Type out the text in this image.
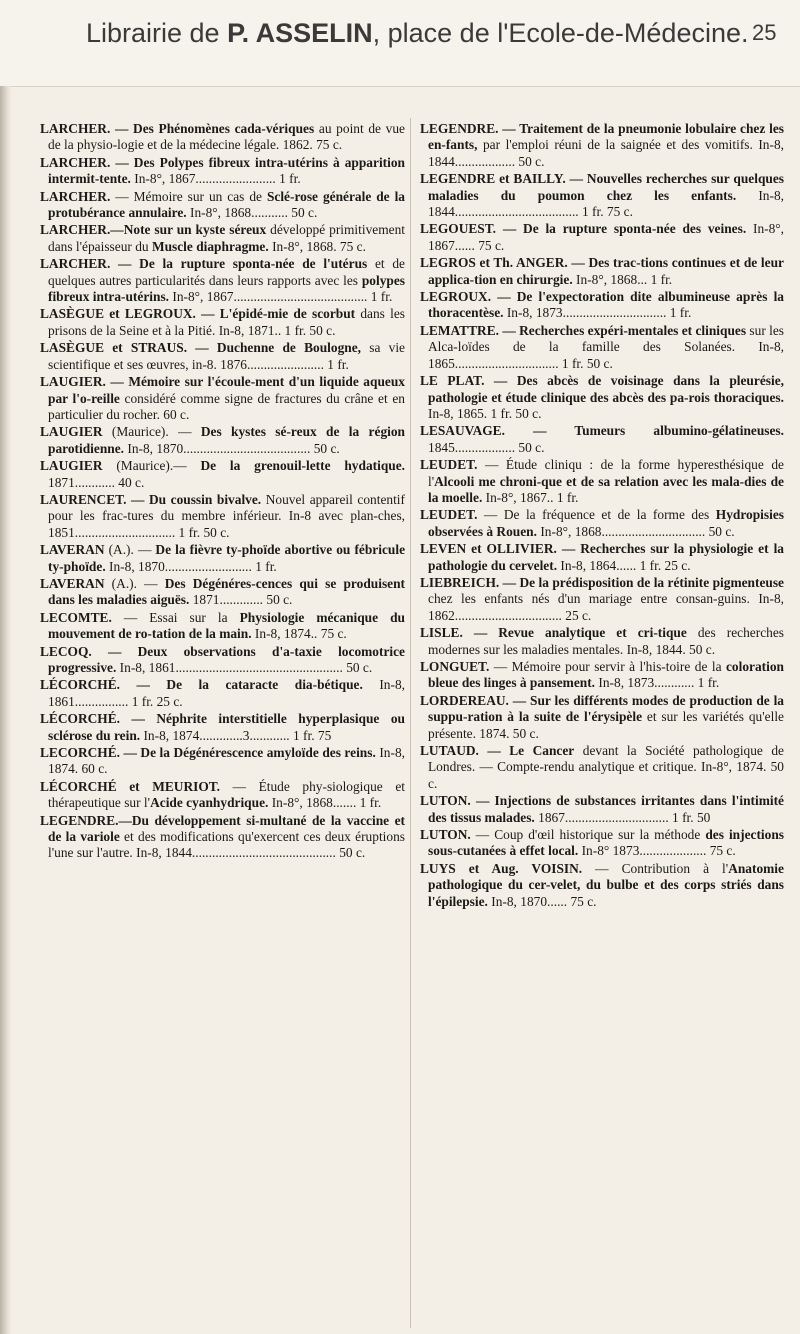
Librairie de P. ASSELIN, place de l'Ecole-de-Médecine. 25

LARCHER. — Des Phénomènes cada-vériques au point de vue de la physio-logie et de la médecine légale. 1862. 75 c.

LARCHER. — Des Polypes fibreux intra-utérins à apparition intermit-tente. In-8°, 1867........................ 1 fr.

LARCHER. — Mémoire sur un cas de Sclé-rose générale de la protubérance annulaire. In-8°, 1868........... 50 c.

LARCHER.—Note sur un kyste séreux développé primitivement dans l'épaisseur du Muscle diaphragme. In-8°, 1868. 75 c.

LARCHER. — De la rupture sponta-née de l'utérus et de quelques autres particularités dans leurs rapports avec les polypes fibreux intra-utérins. In-8°, 1867........................................ 1 fr.

LASÈGUE et LEGROUX. — L'épidé-mie de scorbut dans les prisons de la Seine et à la Pitié. In-8, 1871.. 1 fr. 50 c.

LASÈGUE et STRAUS. — Duchenne de Boulogne, sa vie scientifique et ses œuvres, in-8. 1876....................... 1 fr.

LAUGIER. — Mémoire sur l'écoule-ment d'un liquide aqueux par l'o-reille considéré comme signe de fractures du crâne et en particulier du rocher. 60 c.

LAUGIER (Maurice). — Des kystes sé-reux de la région parotidienne. In-8, 1870...................................... 50 c.

LAUGIER (Maurice).— De la grenouil-lette hydatique. 1871............ 40 c.

LAURENCET. — Du coussin bivalve. Nouvel appareil contentif pour les frac-tures du membre inférieur. In-8 avec plan-ches, 1851.............................. 1 fr. 50 c.

LAVERAN (A.). — De la fièvre ty-phoïde abortive ou fébricule ty-phoïde. In-8, 1870.......................... 1 fr.

LAVERAN (A.). — Des Dégénéres-cences qui se produisent dans les maladies aiguës. 1871............. 50 c.

LECOMTE. — Essai sur la Physiologie mécanique du mouvement de ro-tation de la main. In-8, 1874.. 75 c.

LECOQ. — Deux observations d'a-taxie locomotrice progressive. In-8, 1861.................................................. 50 c.

LÉCORCHÉ. — De la cataracte dia-bétique. In-8, 1861................ 1 fr. 25 c.

LÉCORCHÉ. — Néphrite interstitielle hyperplasique ou sclérose du rein. In-8, 1874.............3............ 1 fr. 75

LECORCHÉ. — De la Dégénérescence amyloïde des reins. In-8, 1874. 60 c.

LÉCORCHÉ et MEURIOT. — Étude phy-siologique et thérapeutique sur l'Acide cyanhydrique. In-8°, 1868....... 1 fr.

LEGENDRE.—Du développement si-multané de la vaccine et de la variole et des modifications qu'exercent ces deux éruptions l'une sur l'autre. In-8, 1844........................................... 50 c.

LEGENDRE. — Traitement de la pneumonie lobulaire chez les en-fants, par l'emploi réuni de la saignée et des vomitifs. In-8, 1844.................. 50 c.

LEGENDRE et BAILLY. — Nouvelles recherches sur quelques maladies du poumon chez les enfants. In-8, 1844..................................... 1 fr. 75 c.

LEGOUEST. — De la rupture sponta-née des veines. In-8°, 1867...... 75 c.

LEGROS et Th. ANGER. — Des trac-tions continues et de leur applica-tion en chirurgie. In-8°, 1868... 1 fr.

LEGROUX. — De l'expectoration dite albumineuse après la thoracentèse. In-8, 1873............................... 1 fr.

LEMATTRE. — Recherches expéri-mentales et cliniques sur les Alca-loïdes de la famille des Solanées. In-8, 1865............................... 1 fr. 50 c.

LE PLAT. — Des abcès de voisinage dans la pleurésie, pathologie et étude clinique des abcès des pa-rois thoraciques. In-8, 1865. 1 fr. 50 c.

LESAUVAGE. — Tumeurs albumino-gélatineuses. 1845.................. 50 c.

LEUDET. — Étude cliniqu : de la forme hyperesthésique de l'Alcooli me chroni-que et de sa relation avec les mala-dies de la moelle. In-8°, 1867.. 1 fr.

LEUDET. — De la fréquence et de la forme des Hydropisies observées à Rouen. In-8°, 1868............................... 50 c.

LEVEN et OLLIVIER. — Recherches sur la physiologie et la pathologie du cervelet. In-8, 1864...... 1 fr. 25 c.

LIEBREICH. — De la prédisposition de la rétinite pigmenteuse chez les enfants nés d'un mariage entre consan-guins. In-8, 1862................................ 25 c.

LISLE. — Revue analytique et cri-tique des recherches modernes sur les maladies mentales. In-8, 1844. 50 c.

LONGUET. — Mémoire pour servir à l'his-toire de la coloration bleue des linges à pansement. In-8, 1873............ 1 fr.

LORDEREAU. — Sur les différents modes de production de la suppu-ration à la suite de l'érysipèle et sur les variétés qu'elle présente. 1874. 50 c.

LUTAUD. — Le Cancer devant la Société pathologique de Londres. — Compte-rendu analytique et critique. In-8°, 1874. 50 c.

LUTON. — Injections de substances irritantes dans l'intimité des tissus malades. 1867............................... 1 fr. 50

LUTON. — Coup d'œil historique sur la méthode des injections sous-cutanées à effet local. In-8° 1873.................... 75 c.

LUYS et Aug. VOISIN. — Contribution à l'Anatomie pathologique du cer-velet, du bulbe et des corps striés dans l'épilepsie. In-8, 1870...... 75 c.
